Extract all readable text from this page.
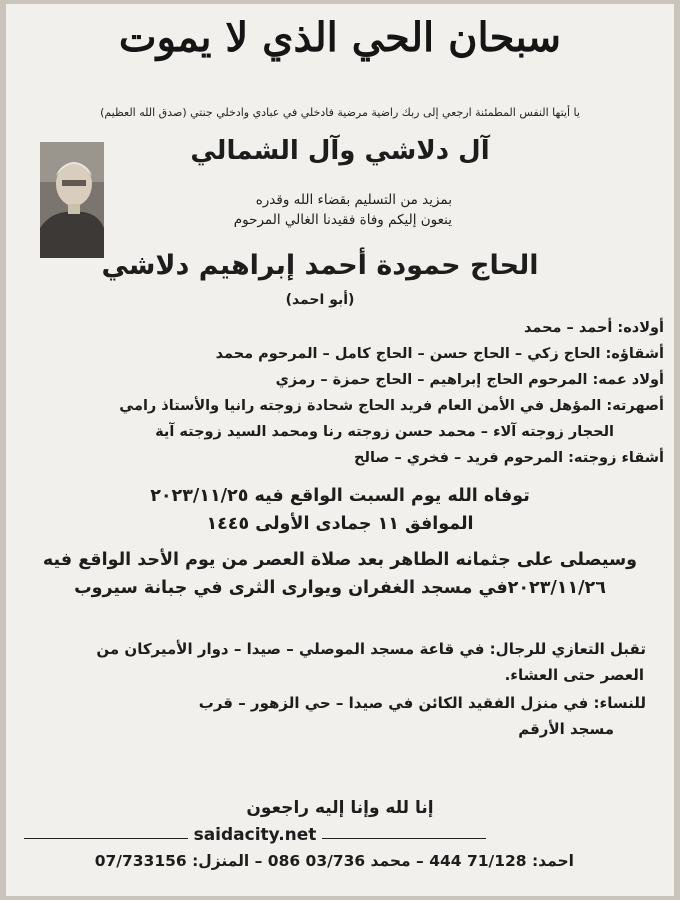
سبحان الحي الذي لا يموت
يا أيتها النفس المطمئنة ارجعي إلى ربك راضية مرضية فادخلي في عبادي وادخلي جنتي (صدق الله العظيم)
آل دلاشي وآل الشمالي
بمزيد من التسليم بقضاء الله وقدره
ينعون إليكم وفاة فقيدنا الغالي المرحوم
الحاج حمودة أحمد إبراهيم دلاشي
(أبو احمد)
أولاده: أحمد – محمد
أشقاؤه: الحاج زكي – الحاج حسن – الحاج كامل – المرحوم محمد
أولاد عمه: المرحوم الحاج إبراهيم – الحاج حمزة – رمزي
أصهرته: المؤهل في الأمن العام فريد الحاج شحادة زوجته رانيا والأستاذ رامي
الحجار زوجته آلاء – محمد حسن زوجته رنا ومحمد السيد زوجته آية
أشقاء زوجته: المرحوم فريد – فخري – صالح
توفاه الله يوم السبت الواقع فيه ٢٠٢٣/١١/٢٥
الموافق ١١ جمادى الأولى ١٤٤٥
وسيصلى على جثمانه الطاهر بعد صلاة العصر من يوم الأحد الواقع فيه
٢٠٢٣/١١/٢٦في مسجد الغفران ويوارى الثرى في جبانة سيروب
تقبل التعازي للرجال: في قاعة مسجد الموصلي – صيدا – دوار الأميركان من
العصر حتى العشاء.
للنساء: في منزل الفقيد الكائن في صيدا – حي الزهور – قرب
مسجد الأرقم
إنا لله وإنا إليه راجعون
saidacity.net
احمد: 71/128 444 – محمد 03/736 086 – المنزل: 07/733156
